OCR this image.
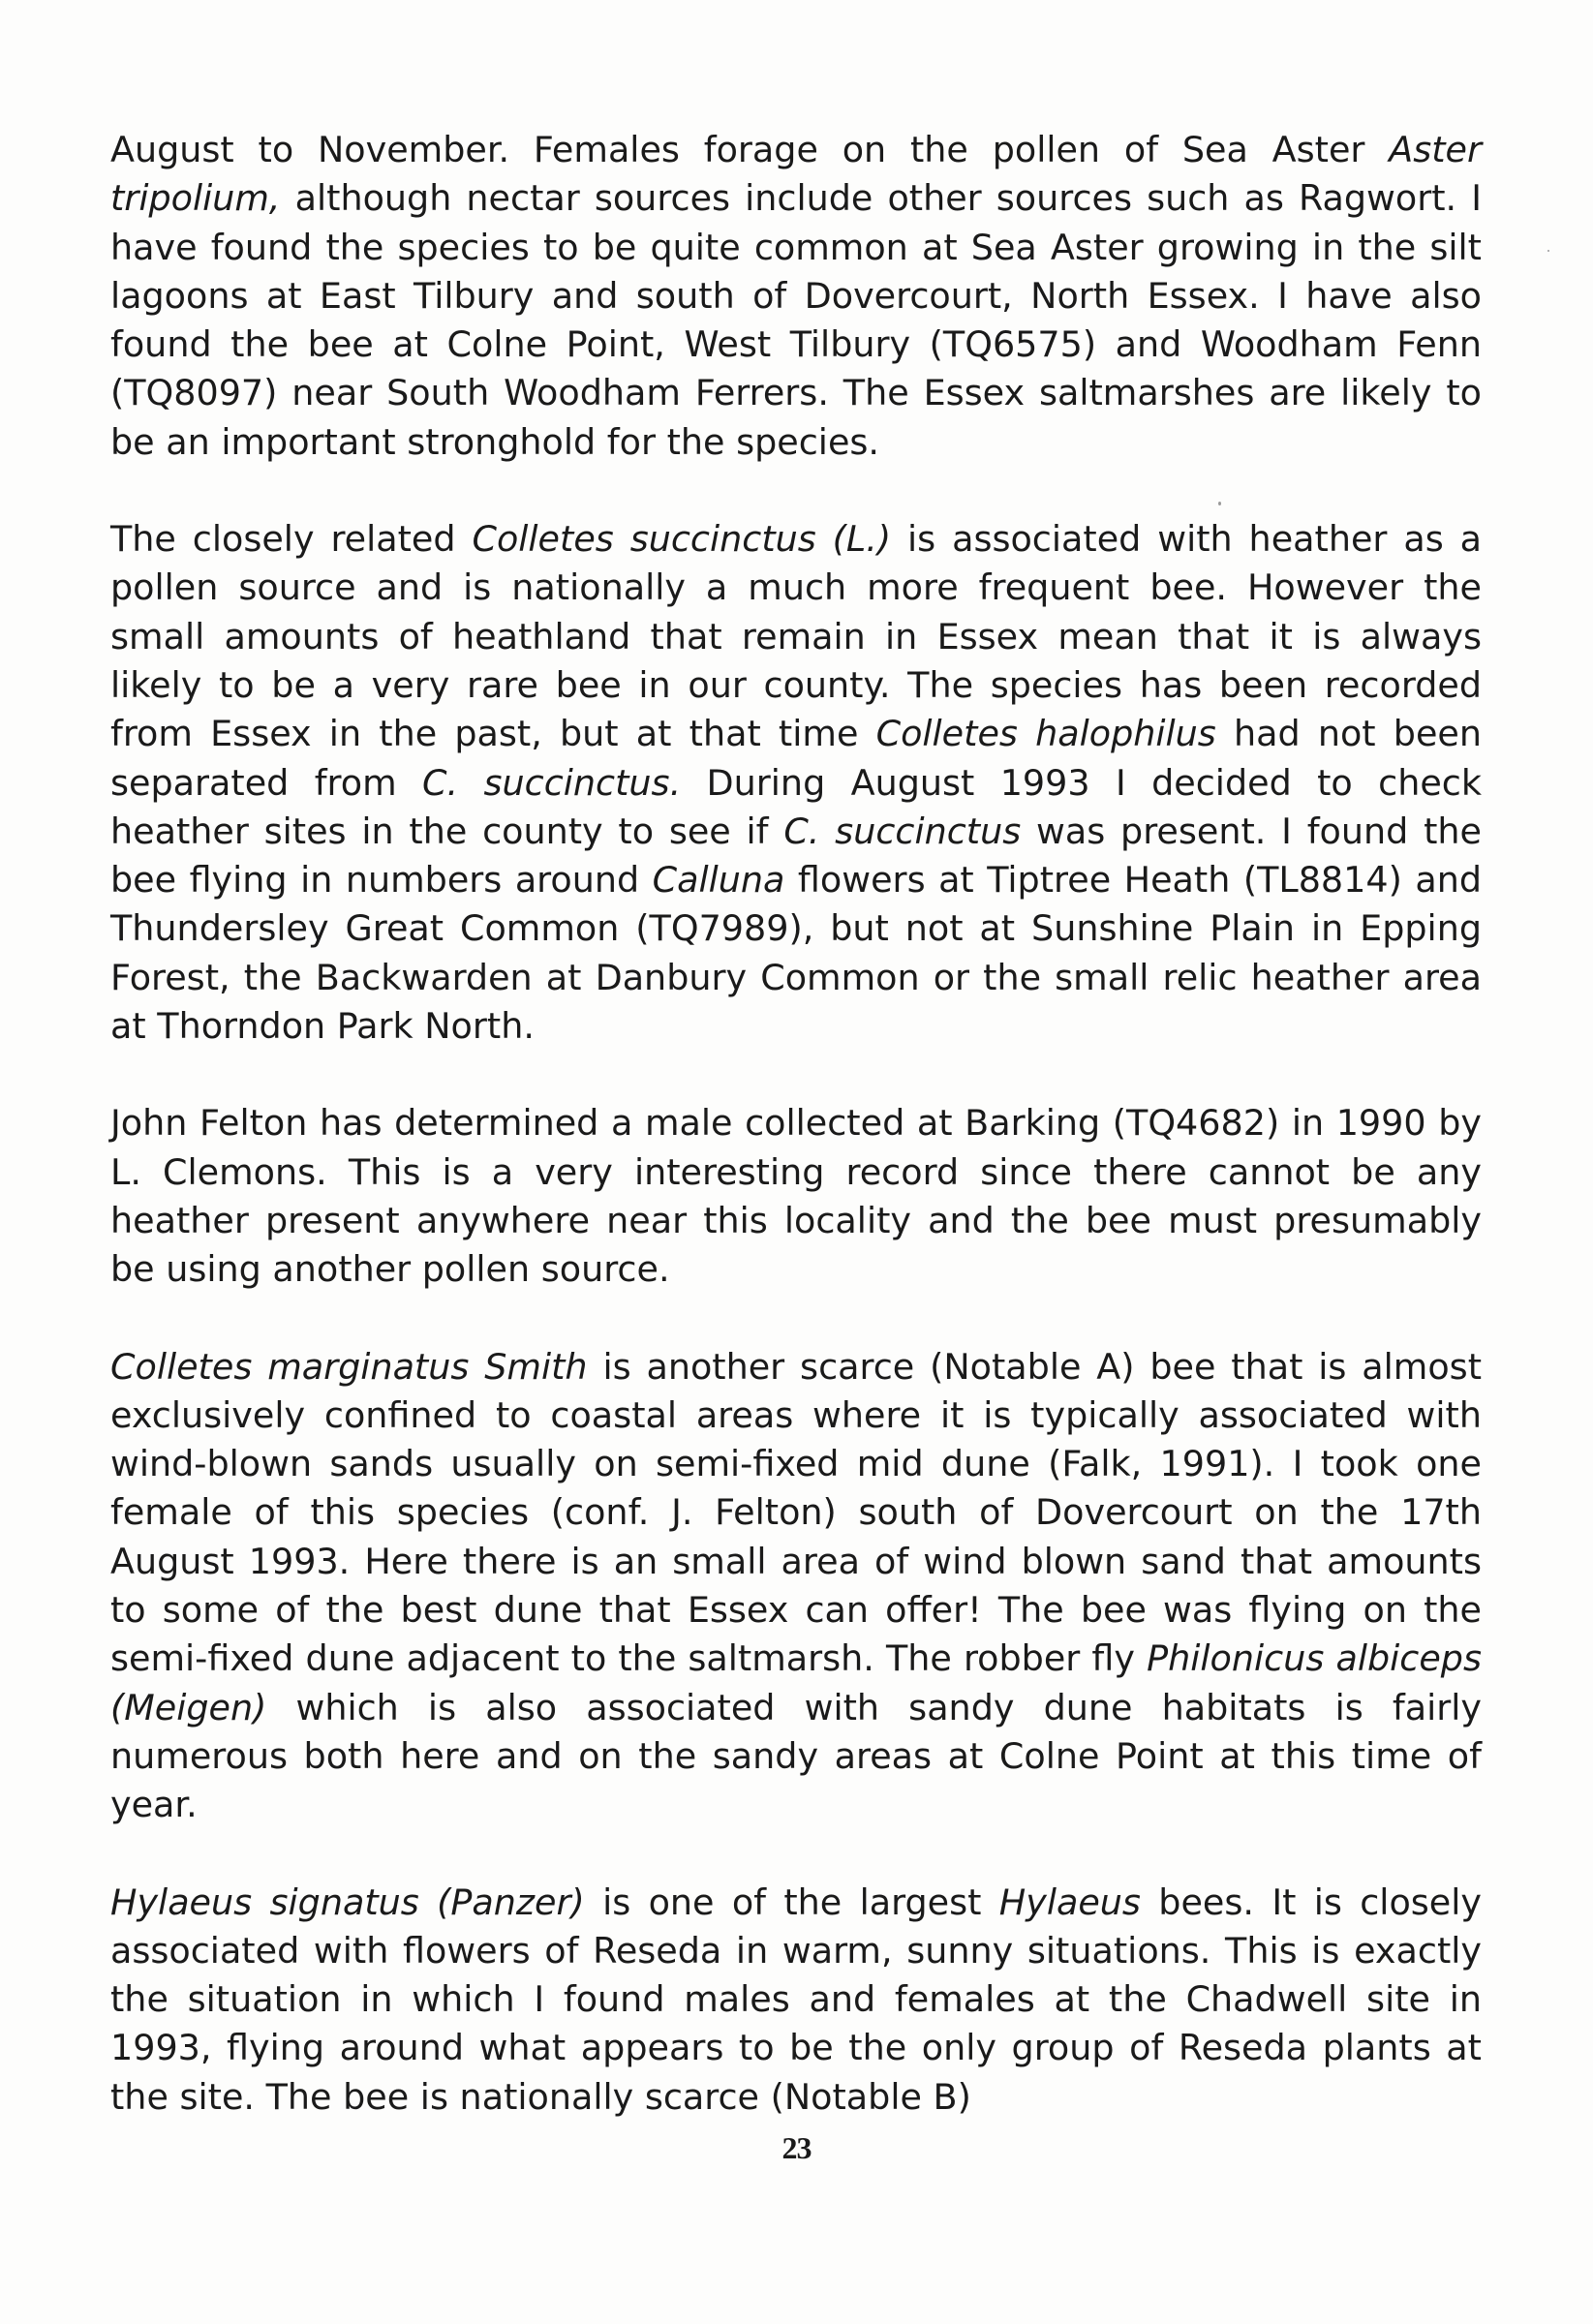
August to November. Females forage on the pollen of Sea Aster Aster tripolium, although nectar sources include other sources such as Ragwort. I have found the species to be quite common at Sea Aster growing in the silt lagoons at East Tilbury and south of Dovercourt, North Essex. I have also found the bee at Colne Point, West Tilbury (TQ6575) and Woodham Fenn (TQ8097) near South Woodham Ferrers. The Essex saltmarshes are likely to be an important stronghold for the species.

The closely related Colletes succinctus (L.) is associated with heather as a pollen source and is nationally a much more frequent bee. However the small amounts of heathland that remain in Essex mean that it is always likely to be a very rare bee in our county. The species has been recorded from Essex in the past, but at that time Colletes halophilus had not been separated from C. succinctus. During August 1993 I decided to check heather sites in the county to see if C. succinctus was present. I found the bee flying in numbers around Calluna flowers at Tiptree Heath (TL8814) and Thundersley Great Common (TQ7989), but not at Sunshine Plain in Epping Forest, the Backwarden at Danbury Common or the small relic heather area at Thorndon Park North.

John Felton has determined a male collected at Barking (TQ4682) in 1990 by L. Clemons. This is a very interesting record since there cannot be any heather present anywhere near this locality and the bee must presumably be using another pollen source.

Colletes marginatus Smith is another scarce (Notable A) bee that is almost exclusively confined to coastal areas where it is typically associated with wind-blown sands usually on semi-fixed mid dune (Falk, 1991). I took one female of this species (conf. J. Felton) south of Dovercourt on the 17th August 1993. Here there is an small area of wind blown sand that amounts to some of the best dune that Essex can offer! The bee was flying on the semi-fixed dune adjacent to the saltmarsh. The robber fly Philonicus albiceps (Meigen) which is also associated with sandy dune habitats is fairly numerous both here and on the sandy areas at Colne Point at this time of year.

Hylaeus signatus (Panzer) is one of the largest Hylaeus bees. It is closely associated with flowers of Reseda in warm, sunny situations. This is exactly the situation in which I found males and females at the Chadwell site in 1993, flying around what appears to be the only group of Reseda plants at the site. The bee is nationally scarce (Notable B)

23
